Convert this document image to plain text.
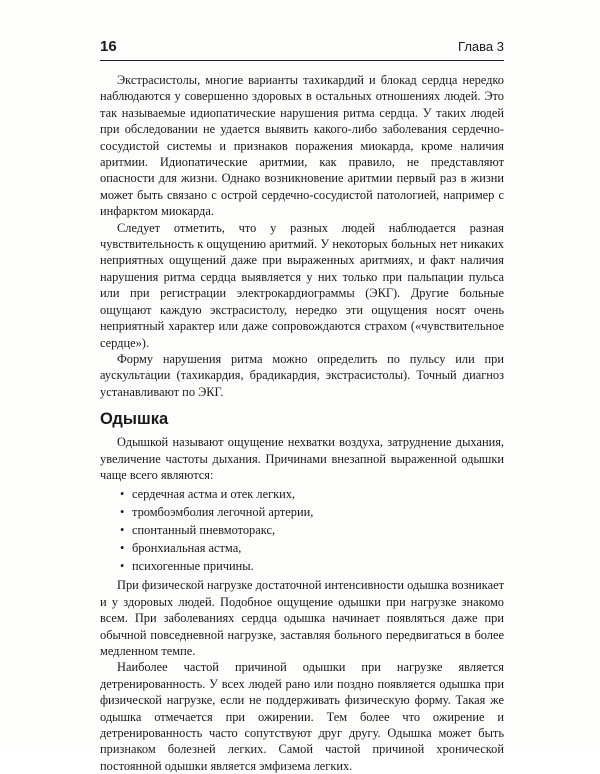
16	Глава 3

Экстрасистолы, многие варианты тахикардий и блокад сердца нередко наблюдаются у совершенно здоровых в остальных отношениях людей. Это так называемые идиопатические нарушения ритма сердца. У таких людей при обследовании не удается выявить какого-либо заболевания сердечно-сосудистой системы и признаков поражения миокарда, кроме наличия аритмии. Идиопатические аритмии, как правило, не представляют опасности для жизни. Однако возникновение аритмии первый раз в жизни может быть связано с острой сердечно-сосудистой патологией, например с инфарктом миокарда.

Следует отметить, что у разных людей наблюдается разная чувствительность к ощущению аритмий. У некоторых больных нет никаких неприятных ощущений даже при выраженных аритмиях, и факт наличия нарушения ритма сердца выявляется у них только при пальпации пульса или при регистрации электрокардиограммы (ЭКГ). Другие больные ощущают каждую экстрасистолу, нередко эти ощущения носят очень неприятный характер или даже сопровождаются страхом («чувствительное сердце»).

Форму нарушения ритма можно определить по пульсу или при аускультации (тахикардия, брадикардия, экстрасистолы). Точный диагноз устанавливают по ЭКГ.

Одышка

Одышкой называют ощущение нехватки воздуха, затруднение дыхания, увеличение частоты дыхания. Причинами внезапной выраженной одышки чаще всего являются:

• сердечная астма и отек легких,
• тромбоэмболия легочной артерии,
• спонтанный пневмоторакс,
• бронхиальная астма,
• психогенные причины.

При физической нагрузке достаточной интенсивности одышка возникает и у здоровых людей. Подобное ощущение одышки при нагрузке знакомо всем. При заболеваниях сердца одышка начинает появляться даже при обычной повседневной нагрузке, заставляя больного передвигаться в более медленном темпе.

Наиболее частой причиной одышки при нагрузке является детренированность. У всех людей рано или поздно появляется одышка при физической нагрузке, если не поддерживать физическую форму. Такая же одышка отмечается при ожирении. Тем более что ожирение и детренированность часто сопутствуют друг другу. Одышка может быть признаком болезней легких. Самой частой причиной хронической постоянной одышки является эмфизема легких.
